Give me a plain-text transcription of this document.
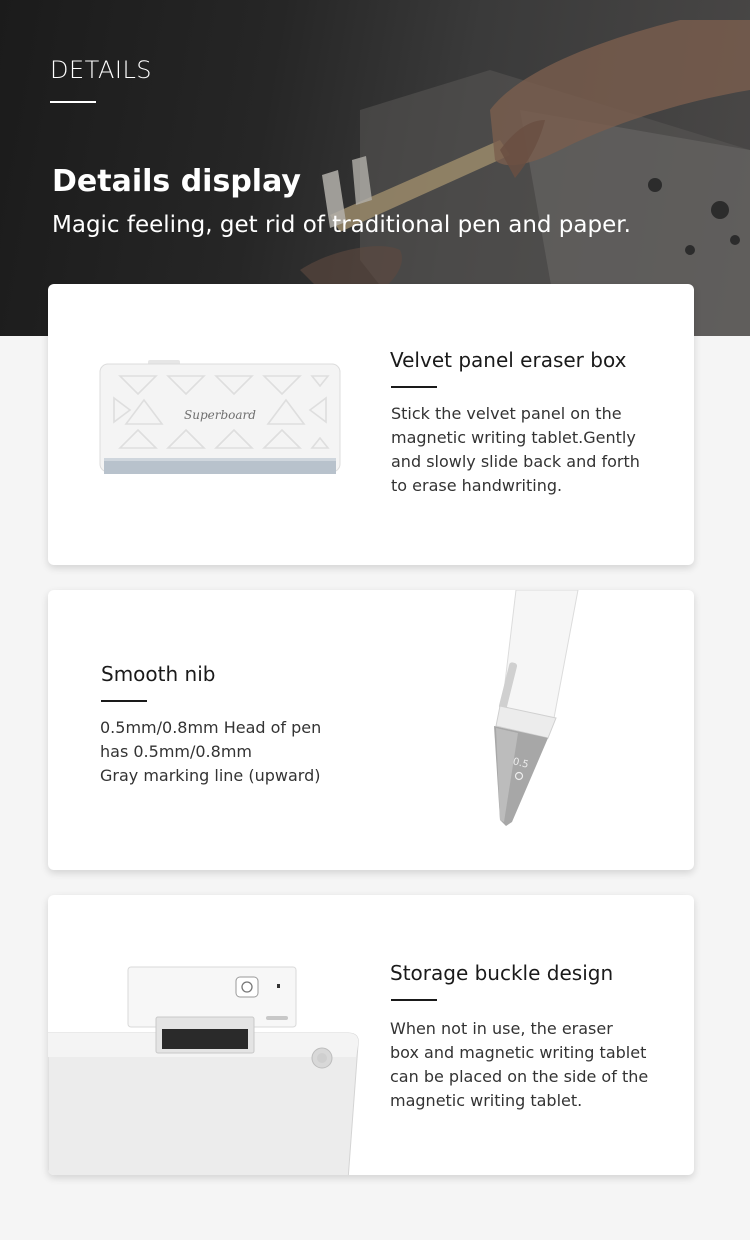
DETAILS
Details display
Magic feeling, get rid of traditional pen and paper.
Superboard
Velvet panel eraser box
Stick the velvet panel on the
magnetic writing tablet.Gently
and slowly slide back and forth
to erase handwriting.
Smooth nib
0.5mm/0.8mm Head of pen
has 0.5mm/0.8mm
Gray marking line (upward)
0.5
Storage buckle design
When not in use, the eraser
box and magnetic writing tablet
can be placed on the side of the
magnetic writing tablet.
